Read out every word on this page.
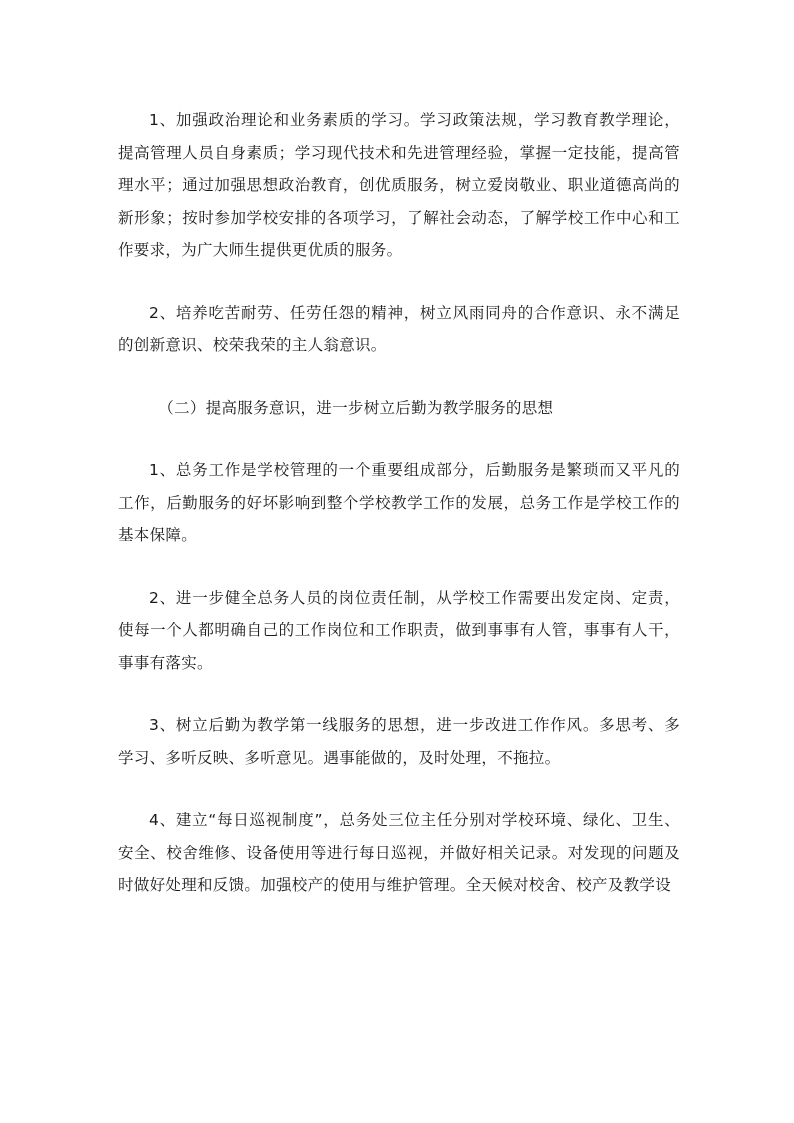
1、加强政治理论和业务素质的学习。学习政策法规，学习教育教学理论，提高管理人员自身素质；学习现代技术和先进管理经验，掌握一定技能，提高管理水平；通过加强思想政治教育，创优质服务，树立爱岗敬业、职业道德高尚的新形象；按时参加学校安排的各项学习，了解社会动态，了解学校工作中心和工作要求，为广大师生提供更优质的服务。

2、培养吃苦耐劳、任劳任怨的精神，树立风雨同舟的合作意识、永不满足的创新意识、校荣我荣的主人翁意识。

（二）提高服务意识，进一步树立后勤为教学服务的思想

1、总务工作是学校管理的一个重要组成部分，后勤服务是繁琐而又平凡的工作，后勤服务的好坏影响到整个学校教学工作的发展，总务工作是学校工作的基本保障。

2、进一步健全总务人员的岗位责任制，从学校工作需要出发定岗、定责，使每一个人都明确自己的工作岗位和工作职责，做到事事有人管，事事有人干，事事有落实。

3、树立后勤为教学第一线服务的思想，进一步改进工作作风。多思考、多学习、多听反映、多听意见。遇事能做的，及时处理，不拖拉。

4、建立“每日巡视制度”，总务处三位主任分别对学校环境、绿化、卫生、安全、校舍维修、设备使用等进行每日巡视，并做好相关记录。对发现的问题及时做好处理和反馈。加强校产的使用与维护管理。全天候对校舍、校产及教学设
